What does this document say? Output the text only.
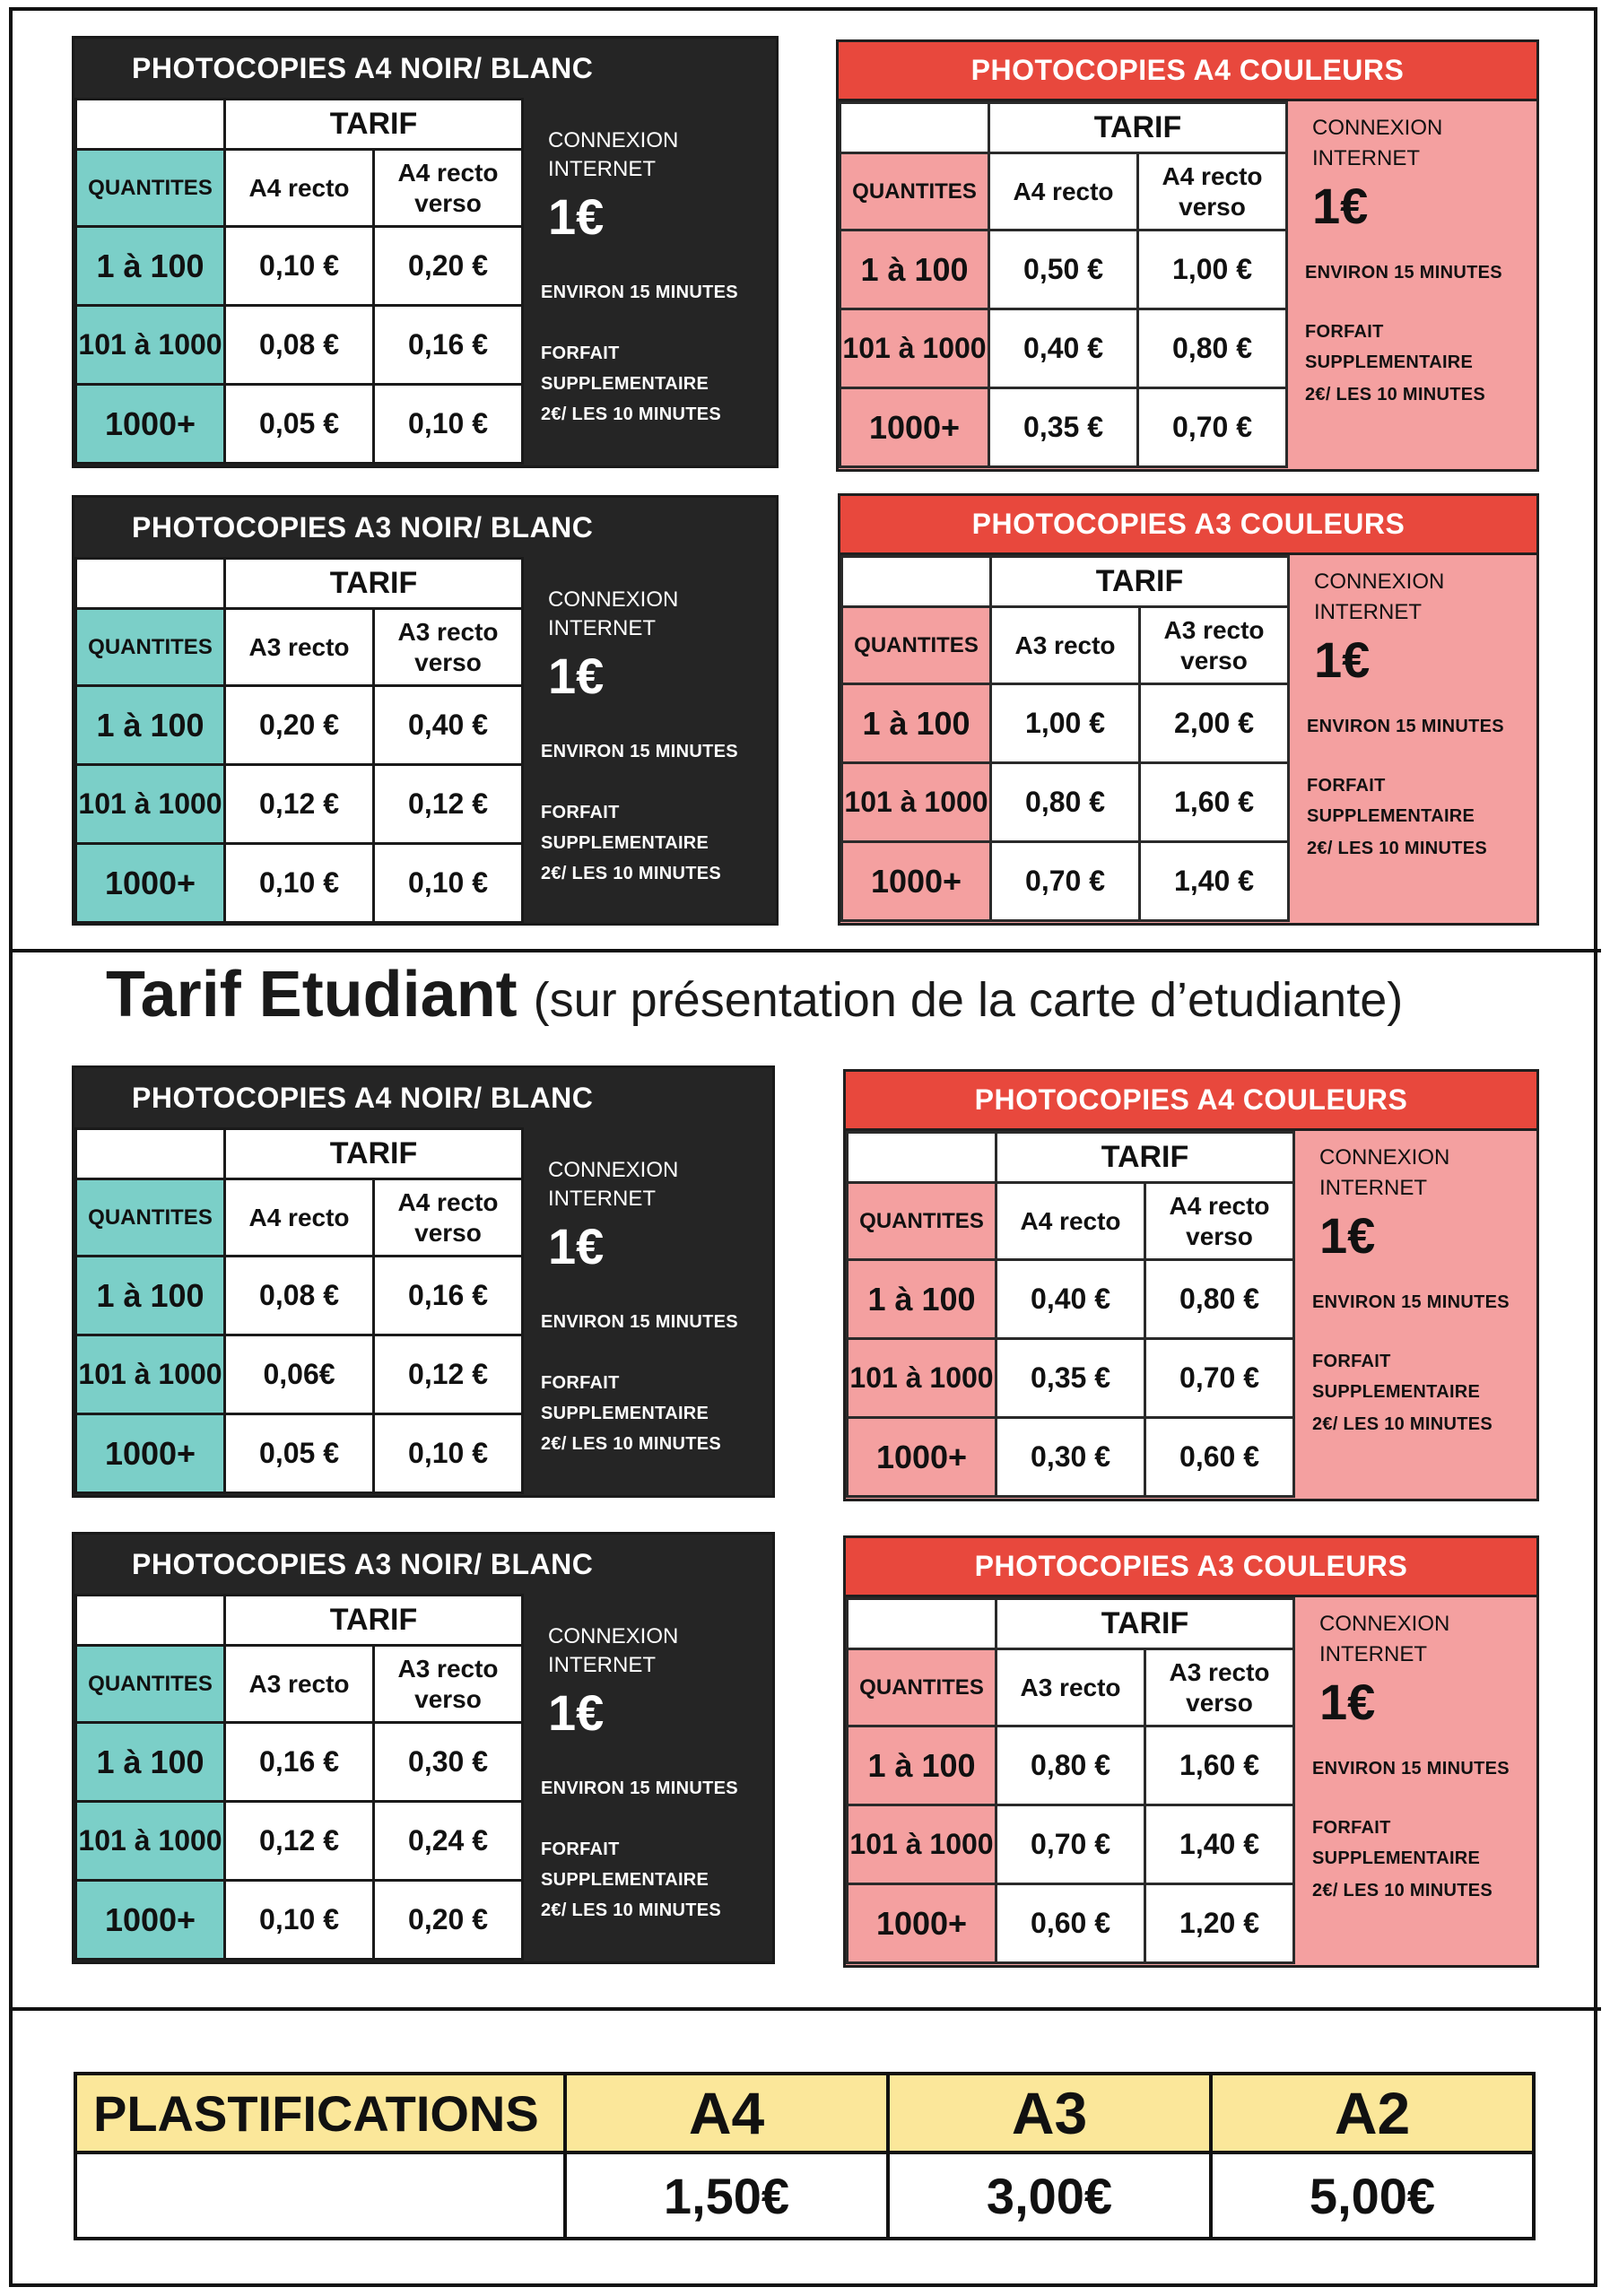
PHOTOCOPIES A4 NOIR/ BLANC
	TARIF	
QUANTITES	A4 recto	A4 recto verso
1 à 100	0,10 €	0,20 €
101 à 1000	0,08 €	0,16 €
1000+	0,05 €	0,10 €
CONNEXION
INTERNET
1€
ENVIRON 15 MINUTES
FORFAIT
SUPPLEMENTAIRE
2€/ LES 10 MINUTES
PHOTOCOPIES A4 COULEURS
	TARIF	
QUANTITES	A4 recto	A4 recto verso
1 à 100	0,50 €	1,00 €
101 à 1000	0,40 €	0,80 €
1000+	0,35 €	0,70 €
CONNEXION
INTERNET
1€
ENVIRON 15 MINUTES
FORFAIT
SUPPLEMENTAIRE
2€/ LES 10 MINUTES
PHOTOCOPIES A3 NOIR/ BLANC
	TARIF	
QUANTITES	A3 recto	A3 recto verso
1 à 100	0,20 €	0,40 €
101 à 1000	0,12 €	0,12 €
1000+	0,10 €	0,10 €
CONNEXION
INTERNET
1€
ENVIRON 15 MINUTES
FORFAIT
SUPPLEMENTAIRE
2€/ LES 10 MINUTES
PHOTOCOPIES A3 COULEURS
	TARIF	
QUANTITES	A3 recto	A3 recto verso
1 à 100	1,00 €	2,00 €
101 à 1000	0,80 €	1,60 €
1000+	0,70 €	1,40 €
CONNEXION
INTERNET
1€
ENVIRON 15 MINUTES
FORFAIT
SUPPLEMENTAIRE
2€/ LES 10 MINUTES
PHOTOCOPIES A4 NOIR/ BLANC
	TARIF	
QUANTITES	A4 recto	A4 recto verso
1 à 100	0,08 €	0,16 €
101 à 1000	0,06€	0,12 €
1000+	0,05 €	0,10 €
CONNEXION
INTERNET
1€
ENVIRON 15 MINUTES
FORFAIT
SUPPLEMENTAIRE
2€/ LES 10 MINUTES
PHOTOCOPIES A4 COULEURS
	TARIF	
QUANTITES	A4 recto	A4 recto verso
1 à 100	0,40 €	0,80 €
101 à 1000	0,35 €	0,70 €
1000+	0,30 €	0,60 €
CONNEXION
INTERNET
1€
ENVIRON 15 MINUTES
FORFAIT
SUPPLEMENTAIRE
2€/ LES 10 MINUTES
PHOTOCOPIES A3 NOIR/ BLANC
	TARIF	
QUANTITES	A3 recto	A3 recto verso
1 à 100	0,16 €	0,30 €
101 à 1000	0,12 €	0,24 €
1000+	0,10 €	0,20 €
CONNEXION
INTERNET
1€
ENVIRON 15 MINUTES
FORFAIT
SUPPLEMENTAIRE
2€/ LES 10 MINUTES
PHOTOCOPIES A3 COULEURS
	TARIF	
QUANTITES	A3 recto	A3 recto verso
1 à 100	0,80 €	1,60 €
101 à 1000	0,70 €	1,40 €
1000+	0,60 €	1,20 €
CONNEXION
INTERNET
1€
ENVIRON 15 MINUTES
FORFAIT
SUPPLEMENTAIRE
2€/ LES 10 MINUTES
Tarif Etudiant (sur présentation de la carte d’etudiante)
PLASTIFICATIONS	A4	A3	A2
	1,50€	3,00€	5,00€
